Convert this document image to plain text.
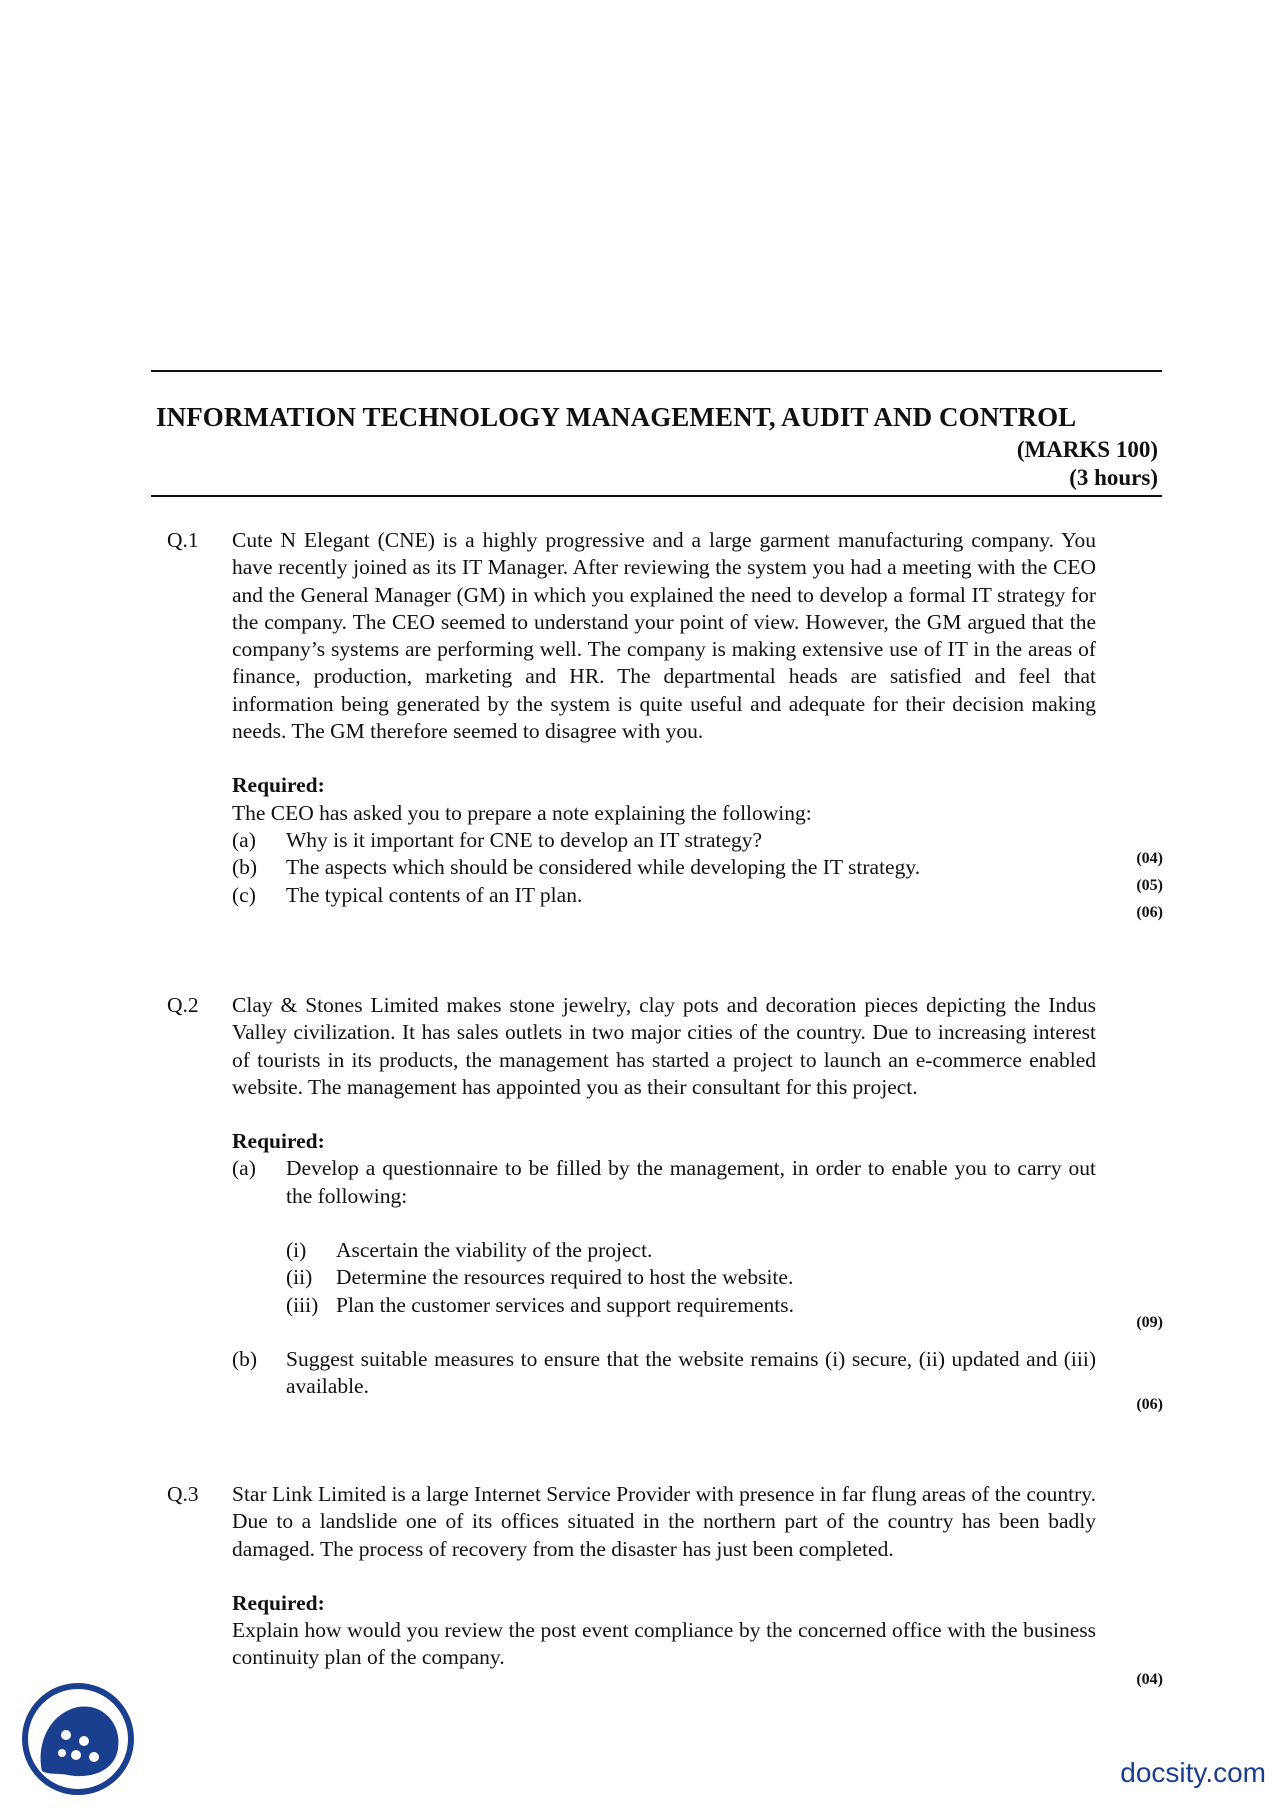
INFORMATION TECHNOLOGY MANAGEMENT, AUDIT AND CONTROL
(MARKS 100)
(3 hours)
Q.1 Cute N Elegant (CNE) is a highly progressive and a large garment manufacturing company. You have recently joined as its IT Manager. After reviewing the system you had a meeting with the CEO and the General Manager (GM) in which you explained the need to develop a formal IT strategy for the company. The CEO seemed to understand your point of view. However, the GM argued that the company’s systems are performing well. The company is making extensive use of IT in the areas of finance, production, marketing and HR. The departmental heads are satisfied and feel that information being generated by the system is quite useful and adequate for their decision making needs. The GM therefore seemed to disagree with you.

Required:
The CEO has asked you to prepare a note explaining the following:
(a) Why is it important for CNE to develop an IT strategy?
(b) The aspects which should be considered while developing the IT strategy.
(c) The typical contents of an IT plan.
(04)
(05)
(06)
Q.2 Clay & Stones Limited makes stone jewelry, clay pots and decoration pieces depicting the Indus Valley civilization. It has sales outlets in two major cities of the country. Due to increasing interest of tourists in its products, the management has started a project to launch an e-commerce enabled website. The management has appointed you as their consultant for this project.

Required:
(a) Develop a questionnaire to be filled by the management, in order to enable you to carry out the following:
(i) Ascertain the viability of the project.
(ii) Determine the resources required to host the website.
(iii) Plan the customer services and support requirements.
(b) Suggest suitable measures to ensure that the website remains (i) secure, (ii) updated and (iii) available.
(09)
(06)
Q.3 Star Link Limited is a large Internet Service Provider with presence in far flung areas of the country. Due to a landslide one of its offices situated in the northern part of the country has been badly damaged. The process of recovery from the disaster has just been completed.

Required:

Explain how would you review the post event compliance by the concerned office with the business continuity plan of the company.

(04)
docsity.com
